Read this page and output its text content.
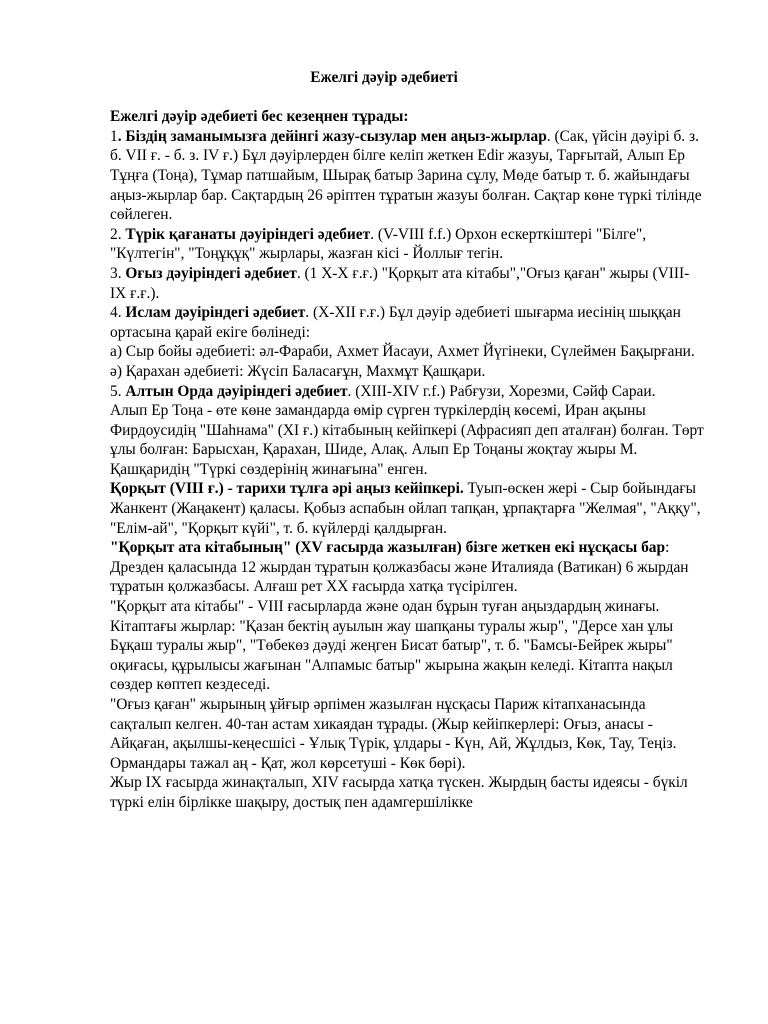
Ежелгі дәуір әдебиеті

Ежелгі дәуір әдебиеті бес кезеңнен тұрады:

1. Біздің заманымызға дейінгі жазу-сызулар мен аңыз-жырлар. (Сак, үйсін дәуірі б. з. б. VII ғ. - б. з. IV ғ.) Бұл дәуірлерден білге келіп жеткен Edir жазуы, Тарғытай, Алып Ер Тұңға (Тоңа), Тұмар патшайым, Шырақ батыр Зарина сұлу, Мөде батыр т. б. жайындағы аңыз-жырлар бар. Сақтардың 26 әріптен тұратын жазуы болған. Сақтар көне түркі тілінде сөйлеген.

2. Түрік қағанаты дәуіріндегі әдебиет. (V-VIII f.f.) Орхон ескерткіштері "Білге", "Күлтегін", "Тоңұқұқ" жырлары, жазған кісі - Йоллығ тегін.

3. Оғыз дәуіріндегі әдебиет. (1 Х-Х ғ.ғ.) "Қорқыт ата кітабы","Оғыз қаған" жыры (VIII-IX ғ.ғ.).

4. Ислам дәуіріндегі әдебиет. (Х-ХII ғ.ғ.) Бұл дәуір әдебиеті шығарма иесінің шыққан ортасына қарай екіге бөлінеді:

а) Сыр бойы әдебиеті: әл-Фараби, Ахмет Йасауи, Ахмет Йүгінеки, Сүлеймен Бақырғани.

ә) Қарахан әдебиеті: Жүсіп Баласағұн, Махмұт Қашқари.

5. Алтын Орда дәуіріндегі әдебиет. (ХIII-XIV г.f.) Рабғузи, Хорезми, Сәйф Сараи.

Алып Ер Тоңа - өте көне замандарда өмір сүрген түркілердің көсемі, Иран ақыны Фирдоусидің "Шаһнама" (ХІ ғ.) кітабының кейіпкері (Афрасияп деп аталған) болған. Төрт ұлы болған: Барысхан, Қарахан, Шиде, Алақ. Алып Ер Тоңаны жоқтау жыры М. Қашқаридің "Түркі сөздерінің жинағына" енген.

Қорқыт (VIII ғ.) - тарихи тұлға әрі аңыз кейіпкері. Туып-өскен жері - Сыр бойындағы Жанкент (Жаңакент) қаласы. Қобыз аспабын ойлап тапқан, ұрпақтарға "Желмая", "Аққу", "Елім-ай", "Қорқыт күйі", т. б. күйлерді қалдырған.

"Қорқыт ата кітабының" (XV ғасырда жазылған) бізге жеткен екі нұсқасы бар: Дрезден қаласында 12 жырдан тұратын қолжазбасы және Италияда (Ватикан) 6 жырдан тұратын қолжазбасы. Алғаш рет ХХ ғасырда хатқа түсірілген.

"Қорқыт ата кітабы" - VIII ғасырларда және одан бұрын туған аңыздардың жинағы. Кітаптағы жырлар: "Қазан бектің ауылын жау шапқаны туралы жыр", "Дерсе хан ұлы Бұқаш туралы жыр", "Төбекөз дәуді жеңген Бисат батыр", т. б. "Бамсы-Бейрек жыры" оқиғасы, құрылысы жағынан "Алпамыс батыр" жырына жақын келеді. Кітапта нақыл сөздер көптеп кездеседі.

"Оғыз қаған" жырының ұйғыр әрпімен жазылған нұсқасы Париж кітапханасында сақталып келген. 40-тан астам хикаядан тұрады. (Жыр кейіпкерлері: Оғыз, анасы - Айқаған, ақылшы-кеңесшісі - Ұлық Түрік, ұлдары - Күн, Ай, Жұлдыз, Көк, Тау, Теңіз. Ормандары тажал аң - Қат, жол көрсетуші - Көк бөрі).

Жыр IX ғасырда жинақталып, XIV ғасырда хатқа түскен. Жырдың басты идеясы - бүкіл түркі елін бірлікке шақыру, достық пен адамгершілікке
